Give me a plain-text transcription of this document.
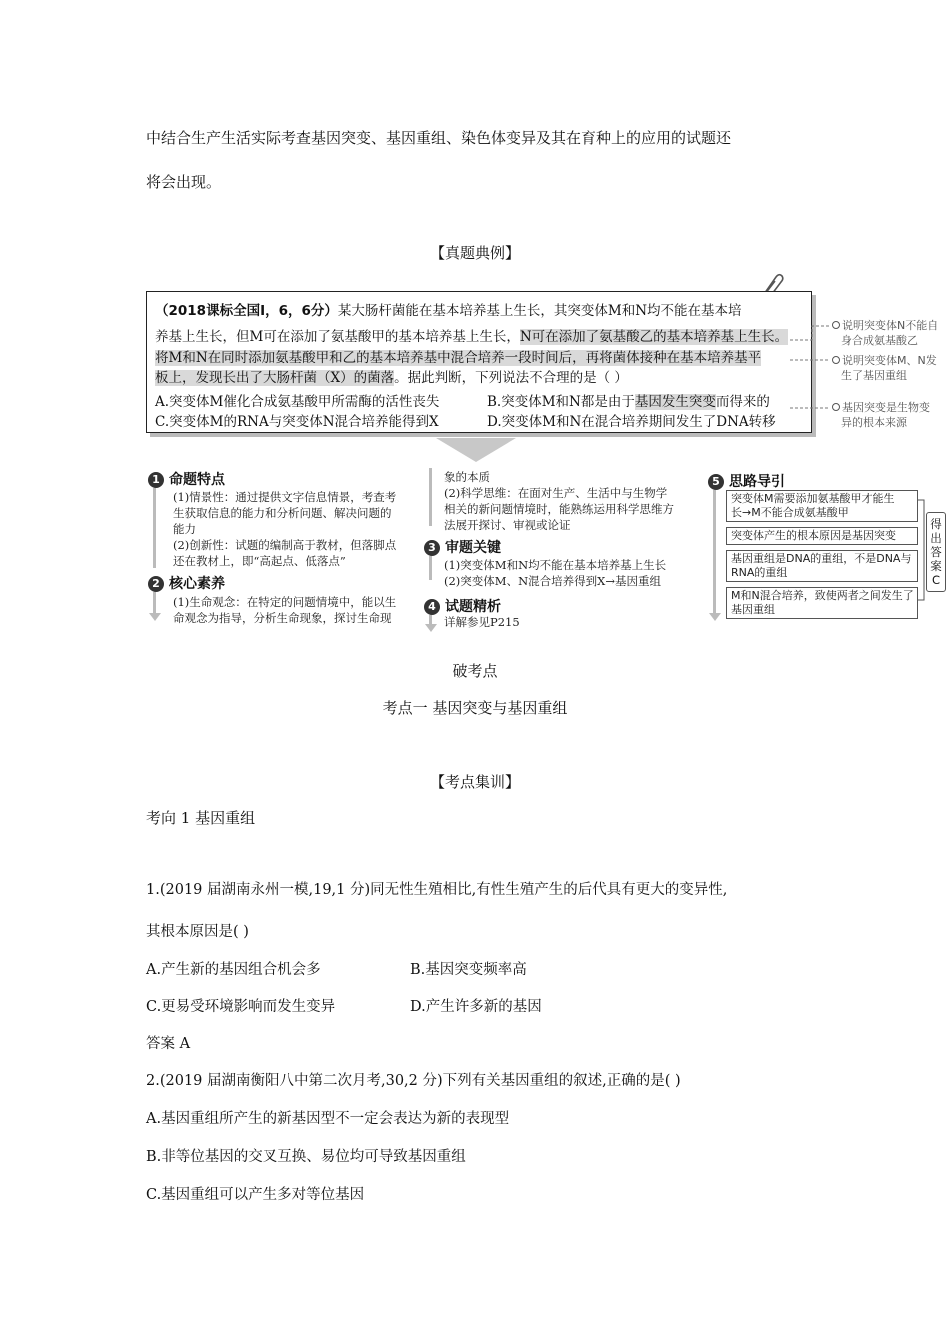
中结合生产生活实际考查基因突变、基因重组、染色体变异及其在育种上的应用的试题还
将会出现。
【真题典例】
（2018课标全国Ⅰ，6，6分）某大肠杆菌能在基本培养基上生长，其突变体M和N均不能在基本培
养基上生长，但M可在添加了氨基酸甲的基本培养基上生长，N可在添加了氨基酸乙的基本培养基上生长。
将M和N在同时添加氨基酸甲和乙的基本培养基中混合培养一段时间后，再将菌体接种在基本培养基平
板上，发现长出了大肠杆菌（X）的菌落。据此判断，下列说法不合理的是（ ）
A.突变体M催化合成氨基酸甲所需酶的活性丧失	B.突变体M和N都是由于基因发生突变而得来的
C.突变体M的RNA与突变体N混合培养能得到X	D.突变体M和N在混合培养期间发生了DNA转移
说明突变体N不能自
身合成氨基酸乙
说明突变体M、N发
生了基因重组
基因突变是生物变
异的根本来源
1 命题特点
(1)情景性：通过提供文字信息情景，考查考
生获取信息的能力和分析问题、解决问题的
能力
(2)创新性：试题的编制高于教材，但落脚点
还在教材上，即“高起点、低落点”
2 核心素养
(1)生命观念：在特定的问题情境中，能以生
命观念为指导，分析生命现象，探讨生命现
象的本质
(2)科学思维：在面对生产、生活中与生物学
相关的新问题情境时，能熟练运用科学思维方
法展开探讨、审视或论证
3 审题关键
(1)突变体M和N均不能在基本培养基上生长
(2)突变体M、N混合培养得到X→基因重组
4 试题精析
详解参见P215
5 思路导引
突变体M需要添加氨基酸甲才能生
长→M不能合成氨基酸甲
突变体产生的根本原因是基因突变
基因重组是DNA的重组，不是DNA与
RNA的重组
M和N混合培养，致使两者之间发生了
基因重组
得出答案C
破考点
考点一 基因突变与基因重组
【考点集训】
考向 1 基因重组
1.(2019 届湖南永州一模,19,1 分)同无性生殖相比,有性生殖产生的后代具有更大的变异性,
其根本原因是( )
A.产生新的基因组合机会多	B.基因突变频率高
C.更易受环境影响而发生变异	D.产生许多新的基因
答案 A
2.(2019 届湖南衡阳八中第二次月考,30,2 分)下列有关基因重组的叙述,正确的是( )
A.基因重组所产生的新基因型不一定会表达为新的表现型
B.非等位基因的交叉互换、易位均可导致基因重组
C.基因重组可以产生多对等位基因
